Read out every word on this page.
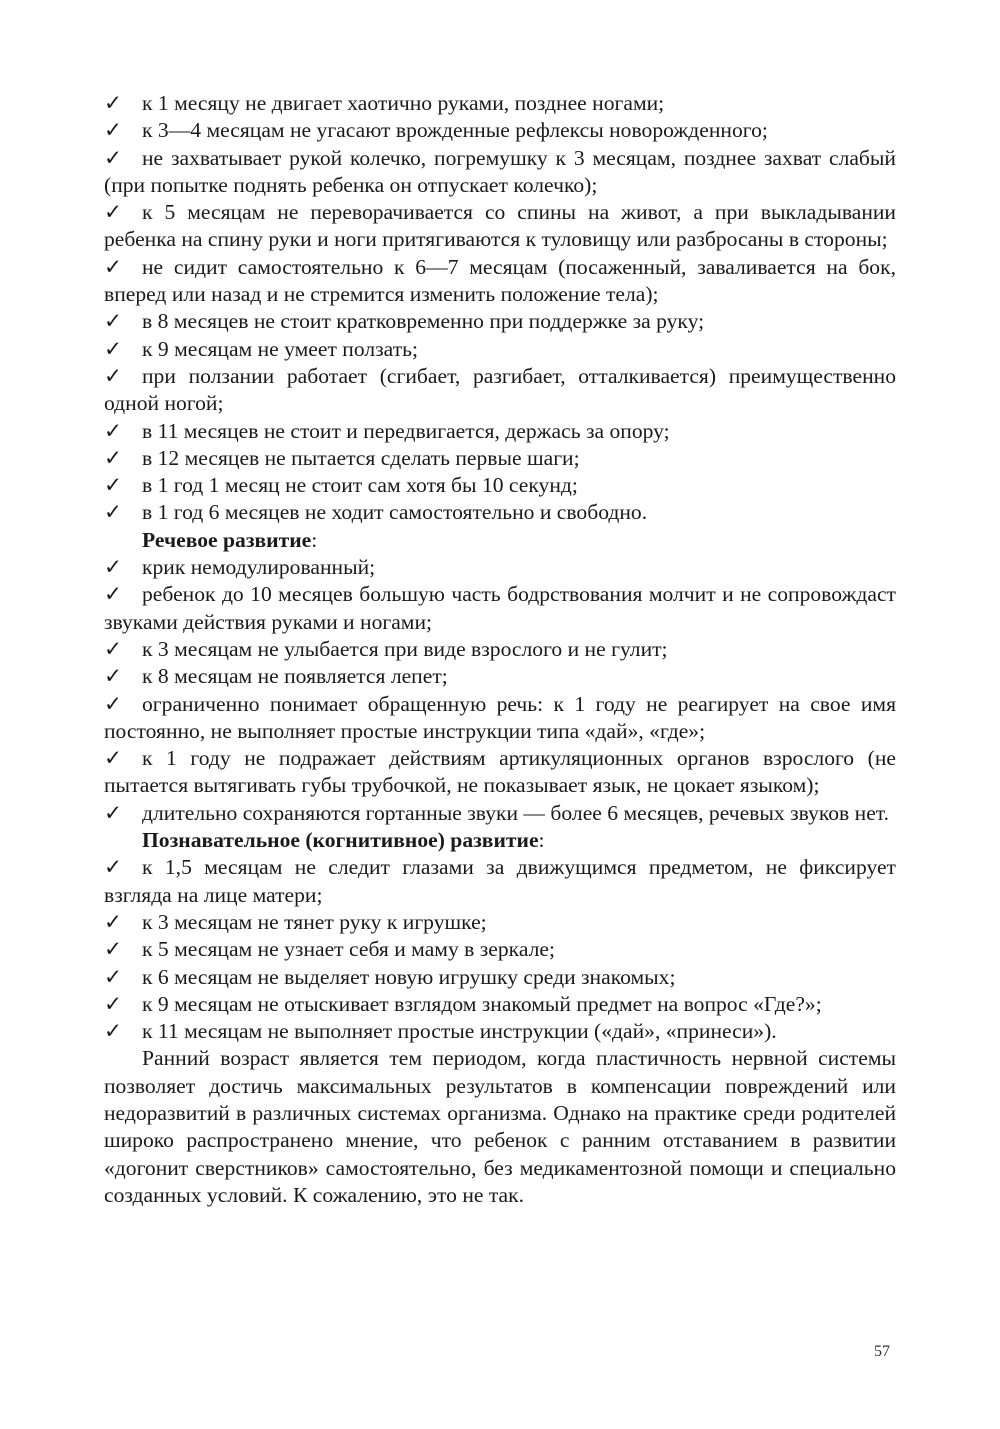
✓ к 1 месяцу не двигает хаотично руками, позднее ногами;

✓ к 3—4 месяцам не угасают врожденные рефлексы новорожденного;

✓ не захватывает рукой колечко, погремушку к 3 месяцам, позднее захват слабый (при попытке поднять ребенка он отпускает колечко);

✓ к 5 месяцам не переворачивается со спины на живот, а при выкладывании ребенка на спину руки и ноги притягиваются к туловищу или разбросаны в стороны;

✓ не сидит самостоятельно к 6—7 месяцам (посаженный, заваливается на бок, вперед или назад и не стремится изменить положение тела);

✓ в 8 месяцев не стоит кратковременно при поддержке за руку;

✓ к 9 месяцам не умеет ползать;

✓ при ползании работает (сгибает, разгибает, отталкивается) преимущественно одной ногой;

✓ в 11 месяцев не стоит и передвигается, держась за опору;

✓ в 12 месяцев не пытается сделать первые шаги;

✓ в 1 год 1 месяц не стоит сам хотя бы 10 секунд;

✓ в 1 год 6 месяцев не ходит самостоятельно и свободно.

Речевое развитие:

✓ крик немодулированный;

✓ ребенок до 10 месяцев большую часть бодрствования молчит и не сопровождаст звуками действия руками и ногами;

✓ к 3 месяцам не улыбается при виде взрослого и не гулит;

✓ к 8 месяцам не появляется лепет;

✓ ограниченно понимает обращенную речь: к 1 году не реагирует на свое имя постоянно, не выполняет простые инструкции типа «дай», «где»;

✓ к 1 году не подражает действиям артикуляционных органов взрослого (не пытается вытягивать губы трубочкой, не показывает язык, не цокает языком);

✓ длительно сохраняются гортанные звуки — более 6 месяцев, речевых звуков нет.

Познавательное (когнитивное) развитие:

✓ к 1,5 месяцам не следит глазами за движущимся предметом, не фиксирует взгляда на лице матери;

✓ к 3 месяцам не тянет руку к игрушке;

✓ к 5 месяцам не узнает себя и маму в зеркале;

✓ к 6 месяцам не выделяет новую игрушку среди знакомых;

✓ к 9 месяцам не отыскивает взглядом знакомый предмет на вопрос «Где?»;

✓ к 11 месяцам не выполняет простые инструкции («дай», «принеси»).

Ранний возраст является тем периодом, когда пластичность нервной системы позволяет достичь максимальных результатов в компенсации повреждений или недоразвитий в различных системах организма. Однако на практике среди родителей широко распространено мнение, что ребенок с ранним отставанием в развитии «догонит сверстников» самостоятельно, без медикаментозной помощи и специально созданных условий. К сожалению, это не так.

57
